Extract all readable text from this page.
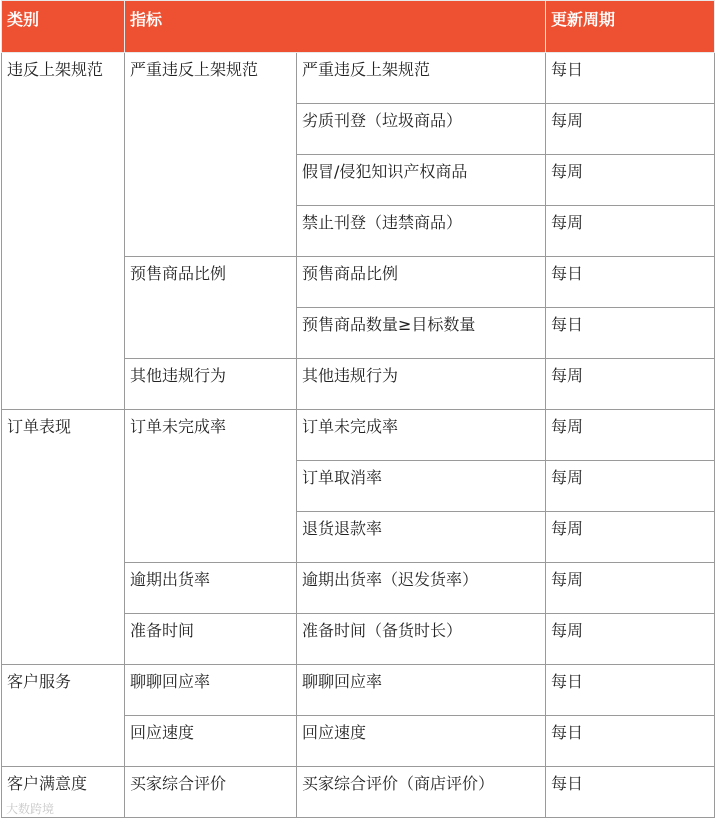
类别	指标		更新周期
违反上架规范	严重违反上架规范	严重违反上架规范	每日
		劣质刊登（垃圾商品）	每周
		假冒/侵犯知识产权商品	每周
		禁止刊登（违禁商品）	每周
	预售商品比例	预售商品比例	每日
		预售商品数量≥目标数量	每日
	其他违规行为	其他违规行为	每周
订单表现	订单未完成率	订单未完成率	每周
		订单取消率	每周
		退货退款率	每周
	逾期出货率	逾期出货率（迟发货率）	每周
	准备时间	准备时间（备货时长）	每周
客户服务	聊聊回应率	聊聊回应率	每日
	回应速度	回应速度	每日
客户满意度	买家综合评价	买家综合评价（商店评价）	每日
大数跨境
